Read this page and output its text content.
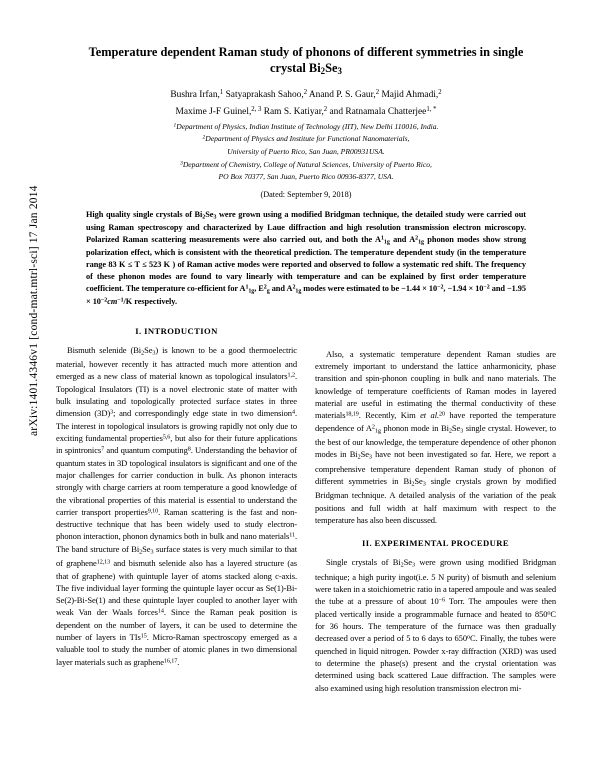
arXiv:1401.4346v1 [cond-mat.mtrl-sci] 17 Jan 2014
Temperature dependent Raman study of phonons of different symmetries in single
crystal $Bi_2Se_3$
Bushra Irfan,$^1$ Satyaprakash Sahoo,$^2$ Anand P. S. Gaur,$^2$ Majid Ahmadi,$^2$
Maxime J-F Guinel,$^{2, 3}$ Ram S. Katiyar,$^2$ and Ratnamala Chatterjee$^{1, *}$
$^1$Department of Physics, Indian Institute of Technology (IIT), New Delhi 110016, India.
$^2$Department of Physics and Institute for Functional Nanomaterials,
University of Puerto Rico, San Juan, PR00931USA.
$^3$Department of Chemistry, College of Natural Sciences, University of Puerto Rico,
PO Box 70377, San Juan, Puerto Rico 00936-8377, USA.
(Dated: September 9, 2018)
High quality single crystals of $Bi_2Se_3$ were grown using a modified Bridgman technique, the detailed study were carried out using Raman spectroscopy and characterized by Laue diffraction and high resolution transmission electron microscopy. Polarized Raman scattering measurements were also carried out, and both the $A^1_{1g}$ and $A^2_{1g}$ phonon modes show strong polarization effect, which is consistent with the theoretical prediction. The temperature dependent study (in the temperature range 83 K ≤ T ≤ 523 K ) of Raman active modes were reported and observed to follow a systematic red shift. The frequency of these phonon modes are found to vary linearly with temperature and can be explained by first order temperature coefficient. The temperature co-efficient for $A^1_{1g}$, $E^2_g$ and $A^2_{1g}$ modes were estimated to be $-1.44 \times 10^{-2}$, $-1.94 \times 10^{-2}$ and $-1.95 \times 10^{-2}cm^{-1}/K$ respectively.
I. INTRODUCTION

Bismuth selenide $(Bi_2Se_3)$ is known to be a good thermoelectric material, however recently it has attracted much more attention and emerged as a new class of material known as topological insulators$^{1,2}$. Topological Insulators (TI) is a novel electronic state of matter with bulk insulating and topologically protected surface states in three dimension $(3D)^3$; and correspondingly edge state in two dimension$^4$. The interest in topological insulators is growing rapidly not only due to exciting fundamental properties$^{5,6}$, but also for their future applications in spintronics$^7$ and quantum computing$^8$. Understanding the behavior of quantum states in 3D topological insulators is significant and one of the major challenges for carrier conduction in bulk. As phonon interacts strongly with charge carriers at room temperature a good knowledge of the vibrational properties of this material is essential to understand the carrier transport properties$^{9,10}$. Raman scattering is the fast and non-destructive technique that has been widely used to study electron-phonon interaction, phonon dynamics both in bulk and nano materials$^{11}$. The band structure of $Bi_2Se_3$ surface states is very much similar to that of graphene$^{12,13}$ and bismuth selenide also has a layered structure (as that of graphene) with quintuple layer of atoms stacked along c-axis. The five individual layer forming the quintuple layer occur as Se(1)-Bi-Se(2)-Bi-Se(1) and these quintuple layer coupled to another layer with weak Van der Waals forces$^{14}$. Since the Raman peak position is dependent on the number of layers, it can be used to determine the number of layers in TIs$^{15}$. Micro-Raman spectroscopy emerged as a valuable tool to study the number of atomic planes in two dimensional layer materials such as graphene$^{16,17}$.

Also, a systematic temperature dependent Raman studies are extremely important to understand the lattice anharmonicity, phase transition and spin-phonon coupling in bulk and nano materials. The knowledge of temperature coefficients of Raman modes in layered material are useful in estimating the thermal conductivity of these materials$^{18,19}$. Recently, Kim et al.$^{20}$ have reported the temperature dependence of $A^2_{1g}$ phonon mode in $Bi_2Se_3$ single crystal. However, to the best of our knowledge, the temperature dependence of other phonon modes in $Bi_2Se_3$ have not been investigated so far. Here, we report a comprehensive temperature dependent Raman study of phonon of different symmetries in $Bi_2Se_3$ single crystals grown by modified Bridgman technique. A detailed analysis of the variation of the peak positions and full width at half maximum with respect to the temperature has also been discussed.

II. EXPERIMENTAL PROCEDURE

Single crystals of $Bi_2Se_3$ were grown using modified Bridgman technique; a high purity ingot(i.e. 5 N purity) of bismuth and selenium were taken in a stoichiometric ratio in a tapered ampoule and was sealed the tube at a pressure of about $10^{-6}$ Torr. The ampoules were then placed vertically inside a programmable furnace and heated to 850$^o$C for 36 hours. The temperature of the furnace was then gradually decreased over a period of 5 to 6 days to 650$^o$C. Finally, the tubes were quenched in liquid nitrogen. Powder x-ray diffraction (XRD) was used to determine the phase(s) present and the crystal orientation was determined using back scattered Laue diffraction. The samples were also examined using high resolution transmission electron mi-
